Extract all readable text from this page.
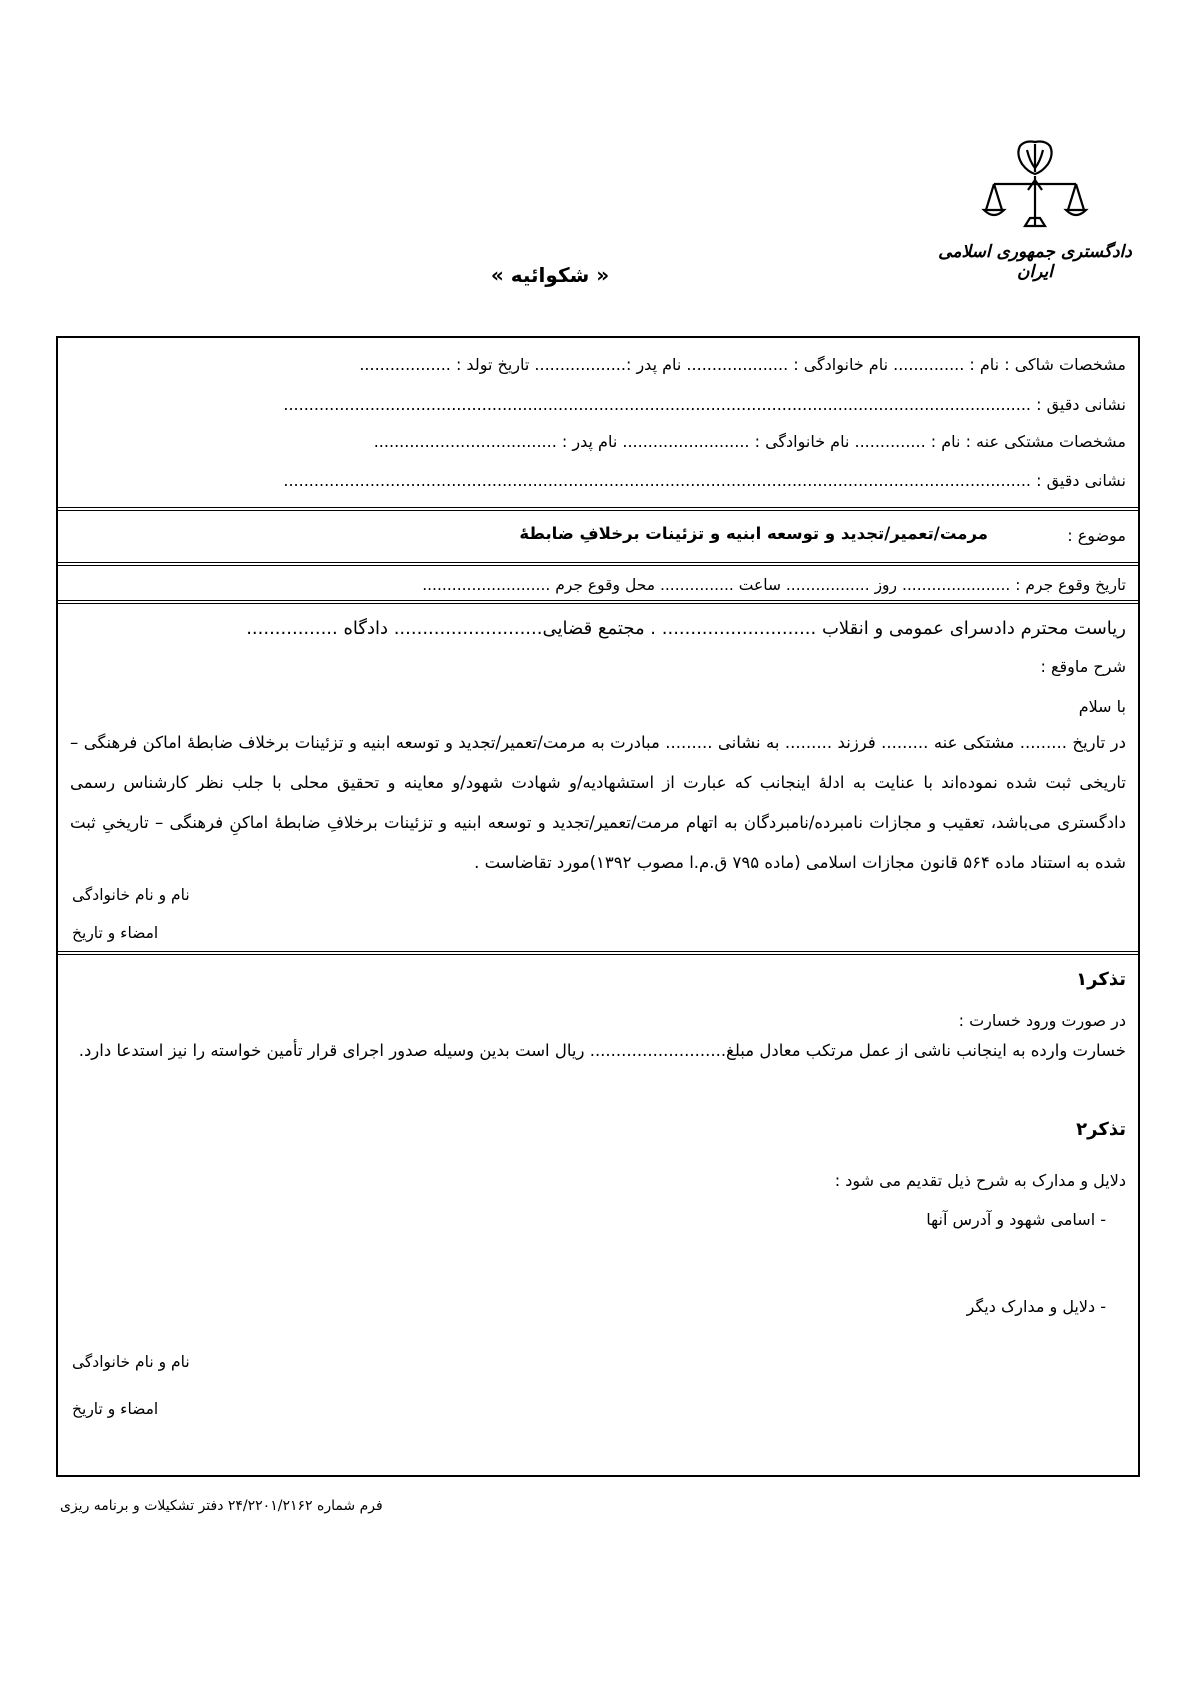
دادگستری جمهوری اسلامی ایران
« شکوائیه »
مشخصات شاکی : نام : .............. نام خانوادگی : .................... نام پدر :.................. تاریخ تولد : ..................
نشانی دقیق : ...................................................................................................................................................
مشخصات مشتکی عنه : نام : .............. نام خانوادگی : ......................... نام پدر : ....................................
نشانی دقیق : ...................................................................................................................................................
موضوع :
مرمت/تعمیر/تجدید و توسعه ابنیه و تزئینات برخلافِ ضابطهٔ
تاریخ وقوع جرم : ...................... روز ................. ساعت ............... محل وقوع جرم ..........................
ریاست محترم دادسرای عمومی و انقلاب ........................... . مجتمع قضایی.......................... دادگاه ................
شرح ماوقع :
با سلام
در تاریخ ......... مشتکی عنه ......... فرزند ......... به نشانی ......... مبادرت به مرمت/تعمیر/تجدید و توسعه ابنیه و تزئینات برخلاف ضابطهٔ اماکن فرهنگی – تاریخی ثبت شده نموده‌اند با عنایت به ادلهٔ اینجانب که عبارت از استشهادیه/و شهادت شهود/و معاینه و تحقیق محلی با جلب نظر کارشناس رسمی دادگستری می‌باشد، تعقیب و مجازات نامبرده/نامبردگان به اتهام مرمت/تعمیر/تجدید و توسعه ابنیه و تزئینات برخلافِ ضابطهٔ اماکنِ فرهنگی – تاریخیِ ثبت شده به استناد ماده ۵۶۴ قانون مجازات اسلامی (ماده ۷۹۵ ق.م.ا مصوب ۱۳۹۲)مورد تقاضاست .
نام و نام خانوادگی
امضاء و تاریخ
تذکر۱
در صورت ورود خسارت :
خسارت وارده به اینجانب ناشی از عمل مرتکب معادل مبلغ.......................... ریال است بدین وسیله صدور اجرای قرار تأمین خواسته را نیز استدعا دارد.
تذکر۲
دلایل و مدارک به شرح ذیل تقدیم می شود :
- اسامی شهود و آدرس آنها
- دلایل و مدارک دیگر
نام و نام خانوادگی
امضاء و تاریخ
فرم شماره ۲۴/۲۲۰۱/۲۱۶۲ دفتر تشکیلات و برنامه ریزی
